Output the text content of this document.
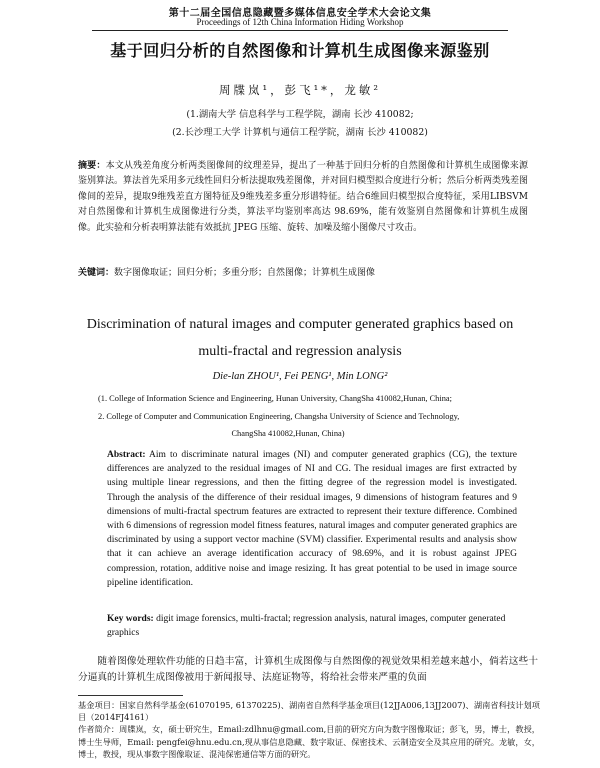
第十二届全国信息隐藏暨多媒体信息安全学术大会论文集
Proceedings of 12th China Information Hiding Workshop
基于回归分析的自然图像和计算机生成图像来源鉴别
周牒岚¹，彭飞¹*，龙敏²
(1.湖南大学 信息科学与工程学院，湖南 长沙 410082;
(2.长沙理工大学 计算机与通信工程学院，湖南 长沙 410082)
摘要：本文从残差角度分析两类图像间的纹理差异，提出了一种基于回归分析的自然图像和计算机生成图像来源鉴别算法。算法首先采用多元线性回归分析法提取残差图像，并对回归模型拟合度进行分析；然后分析两类残差图像间的差异，提取9维残差直方图特征及9维残差多重分形谱特征。结合6维回归模型拟合度特征，采用LIBSVM对自然图像和计算机生成图像进行分类，算法平均鉴别率高达 98.69%，能有效鉴别自然图像和计算机生成图像。此实验和分析表明算法能有效抵抗 JPEG 压缩、旋转、加噪及缩小图像尺寸攻击。
关键词：数字图像取证；回归分析；多重分形；自然图像；计算机生成图像
Discrimination of natural images and computer generated graphics based on
multi-fractal and regression analysis
Die-lan ZHOU¹, Fei PENG¹, Min LONG²
(1. College of Information Science and Engineering, Hunan University, ChangSha 410082,Hunan, China;
2. College of Computer and Communication Engineering, Changsha University of Science and Technology,
ChangSha 410082,Hunan, China)
Abstract: Aim to discriminate natural images (NI) and computer generated graphics (CG), the texture differences are analyzed to the residual images of NI and CG. The residual images are first extracted by using multiple linear regressions, and then the fitting degree of the regression model is investigated. Through the analysis of the difference of their residual images, 9 dimensions of histogram features and 9 dimensions of multi-fractal spectrum features are extracted to represent their texture difference. Combined with 6 dimensions of regression model fitness features, natural images and computer generated graphics are discriminated by using a support vector machine (SVM) classifier. Experimental results and analysis show that it can achieve an average identification accuracy of 98.69%, and it is robust against JPEG compression, rotation, additive noise and image resizing. It has great potential to be used in image source pipeline identification.
Key words: digit image forensics, multi-fractal; regression analysis, natural images, computer generated graphics
随着图像处理软件功能的日趋丰富，计算机生成图像与自然图像的视觉效果相差越来越小，倘若这些十分逼真的计算机生成图像被用于新闻报导、法庭证物等，将给社会带来严重的负面
基金项目：国家自然科学基金(61070195, 61370225)、湖南省自然科学基金项目(12JJA006,13JJ2007)、湖南省科技计划项目（2014FJ4161）
作者简介：周牒岚，女，硕士研究生，Email:zdlhnu@gmail.com,目前的研究方向为数字图像取证；彭飞，男，博士，教授，博士生导师，Email: pengfei@hnu.edu.cn,现从事信息隐藏、数字取证、保密技术、云制造安全及其应用的研究。龙敏，女，博士，教授，现从事数字图像取证、混沌保密通信等方面的研究。
